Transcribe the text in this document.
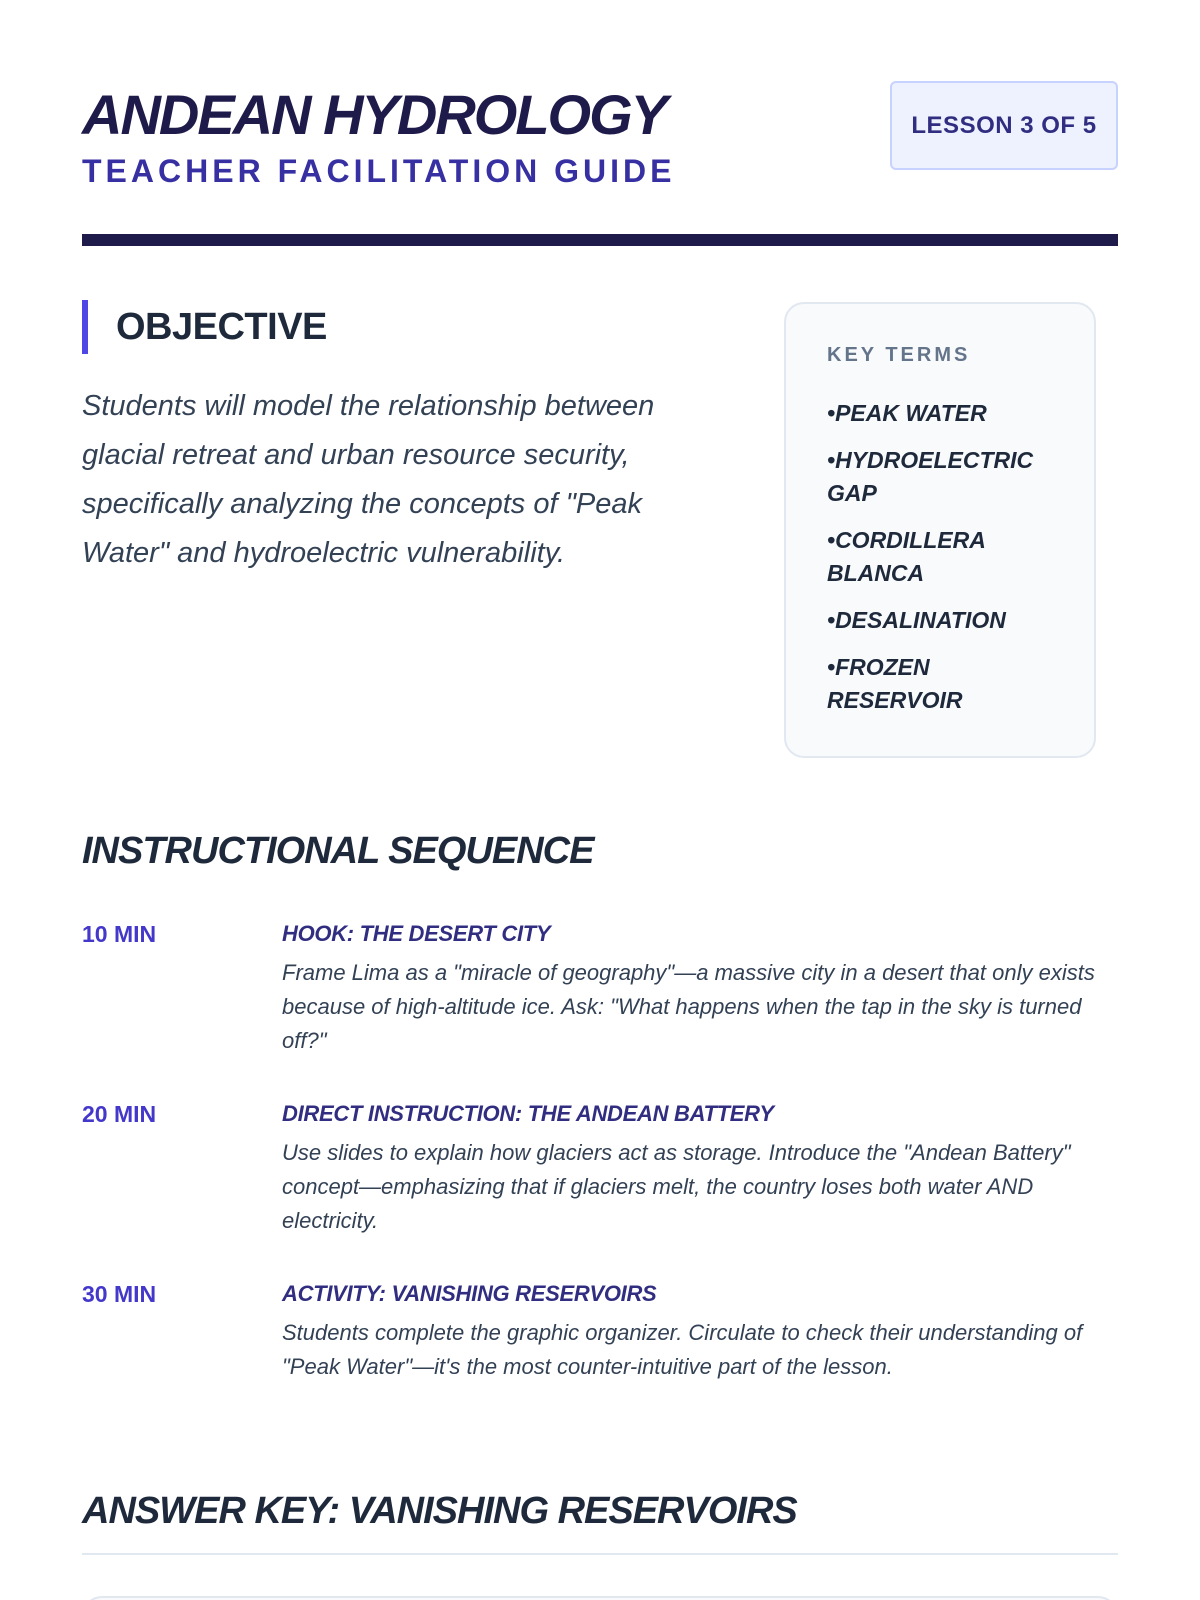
ANDEAN HYDROLOGY
TEACHER FACILITATION GUIDE
LESSON 3 OF 5
OBJECTIVE

Students will model the relationship between glacial retreat and urban resource security, specifically analyzing the concepts of "Peak Water" and hydroelectric vulnerability.

KEY TERMS
• PEAK WATER
• HYDROELECTRIC GAP
• CORDILLERA BLANCA
• DESALINATION
• FROZEN RESERVOIR
INSTRUCTIONAL SEQUENCE
10 MIN	HOOK: THE DESERT CITY

Frame Lima as a "miracle of geography"—a massive city in a desert that only exists because of high-altitude ice. Ask: "What happens when the tap in the sky is turned off?"

20 MIN	DIRECT INSTRUCTION: THE ANDEAN BATTERY

Use slides to explain how glaciers act as storage. Introduce the "Andean Battery" concept—emphasizing that if glaciers melt, the country loses both water AND electricity.

30 MIN	ACTIVITY: VANISHING RESERVOIRS

Students complete the graphic organizer. Circulate to check their understanding of "Peak Water"—it's the most counter-intuitive part of the lesson.

ANSWER KEY: VANISHING RESERVOIRS
